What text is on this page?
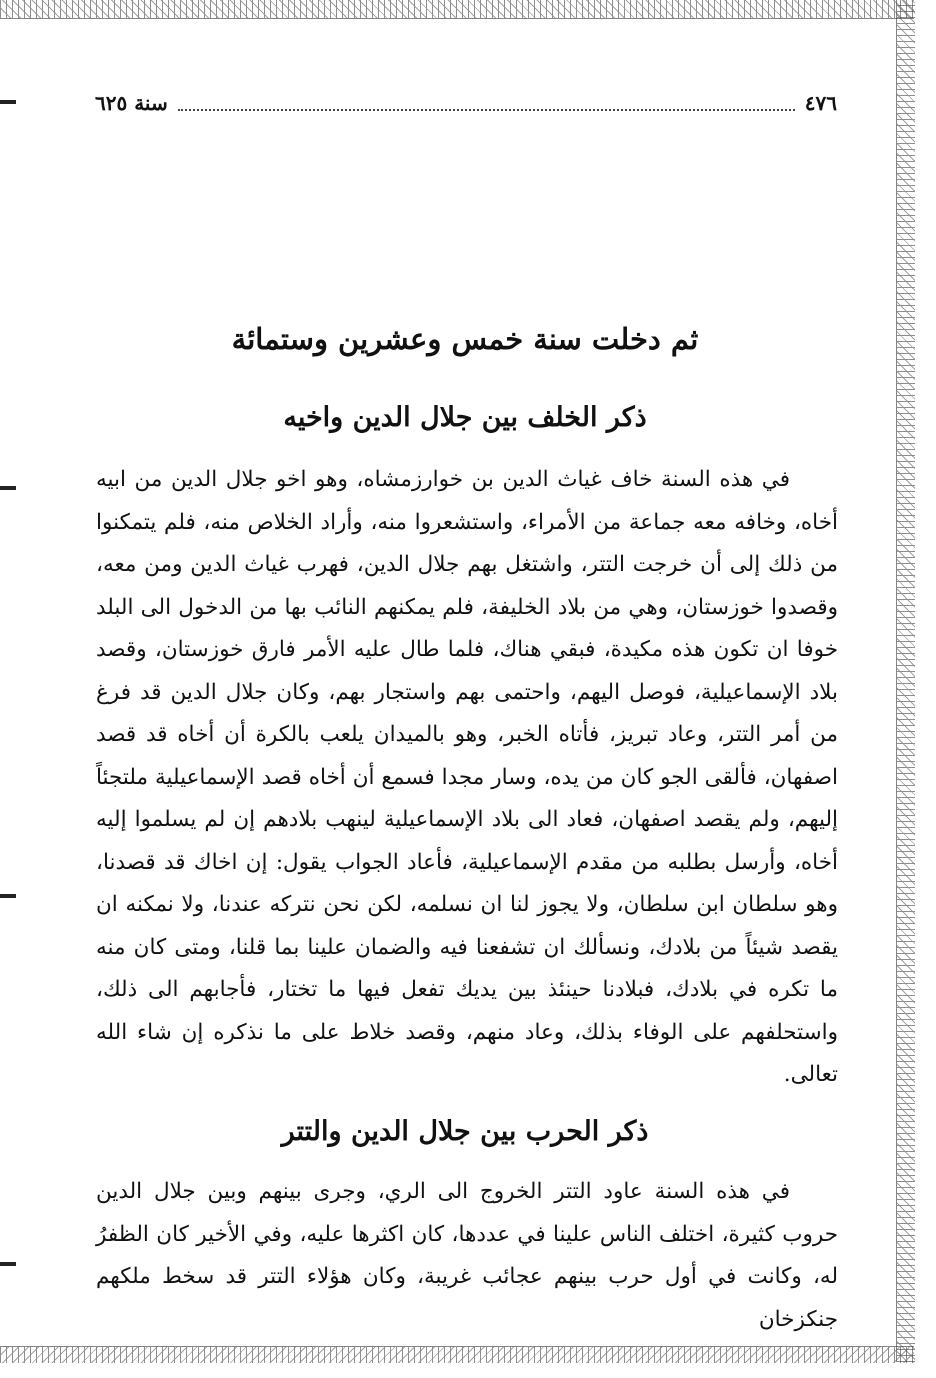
٤٧٦
سنة ٦٢٥
ثم دخلت سنة خمس وعشرين وستمائة
ذكر الخلف بين جلال الدين واخيه
في هذه السنة خاف غياث الدين بن خوارزمشاه، وهو اخو جلال الدين من ابيه أخاه، وخافه معه جماعة من الأمراء، واستشعروا منه، وأراد الخلاص منه، فلم يتمكنوا من ذلك إلى أن خرجت التتر، واشتغل بهم جلال الدين، فهرب غياث الدين ومن معه، وقصدوا خوزستان، وهي من بلاد الخليفة، فلم يمكنهم النائب بها من الدخول الى البلد خوفا ان تكون هذه مكيدة، فبقي هناك، فلما طال عليه الأمر فارق خوزستان، وقصد بلاد الإسماعيلية، فوصل اليهم، واحتمى بهم واستجار بهم، وكان جلال الدين قد فرغ من أمر التتر، وعاد تبريز، فأتاه الخبر، وهو بالميدان يلعب بالكرة أن أخاه قد قصد اصفهان، فألقى الجو كان من يده، وسار مجدا فسمع أن أخاه قصد الإسماعيلية ملتجئاً إليهم، ولم يقصد اصفهان، فعاد الى بلاد الإسماعيلية لينهب بلادهم إن لم يسلموا إليه أخاه، وأرسل بطلبه من مقدم الإسماعيلية، فأعاد الجواب يقول: إن اخاك قد قصدنا، وهو سلطان ابن سلطان، ولا يجوز لنا ان نسلمه، لكن نحن نتركه عندنا، ولا نمكنه ان يقصد شيئاً من بلادك، ونسألك ان تشفعنا فيه والضمان علينا بما قلنا، ومتى كان منه ما تكره في بلادك، فبلادنا حينئذ بين يديك تفعل فيها ما تختار، فأجابهم الى ذلك، واستحلفهم على الوفاء بذلك، وعاد منهم، وقصد خلاط على ما نذكره إن شاء الله تعالى.
ذكر الحرب بين جلال الدين والتتر
في هذه السنة عاود التتر الخروج الى الري، وجرى بينهم وبين جلال الدين حروب كثيرة، اختلف الناس علينا في عددها، كان اكثرها عليه، وفي الأخير كان الظفرُ له، وكانت في أول حرب بينهم عجائب غريبة، وكان هؤلاء التتر قد سخط ملكهم جنكزخان
